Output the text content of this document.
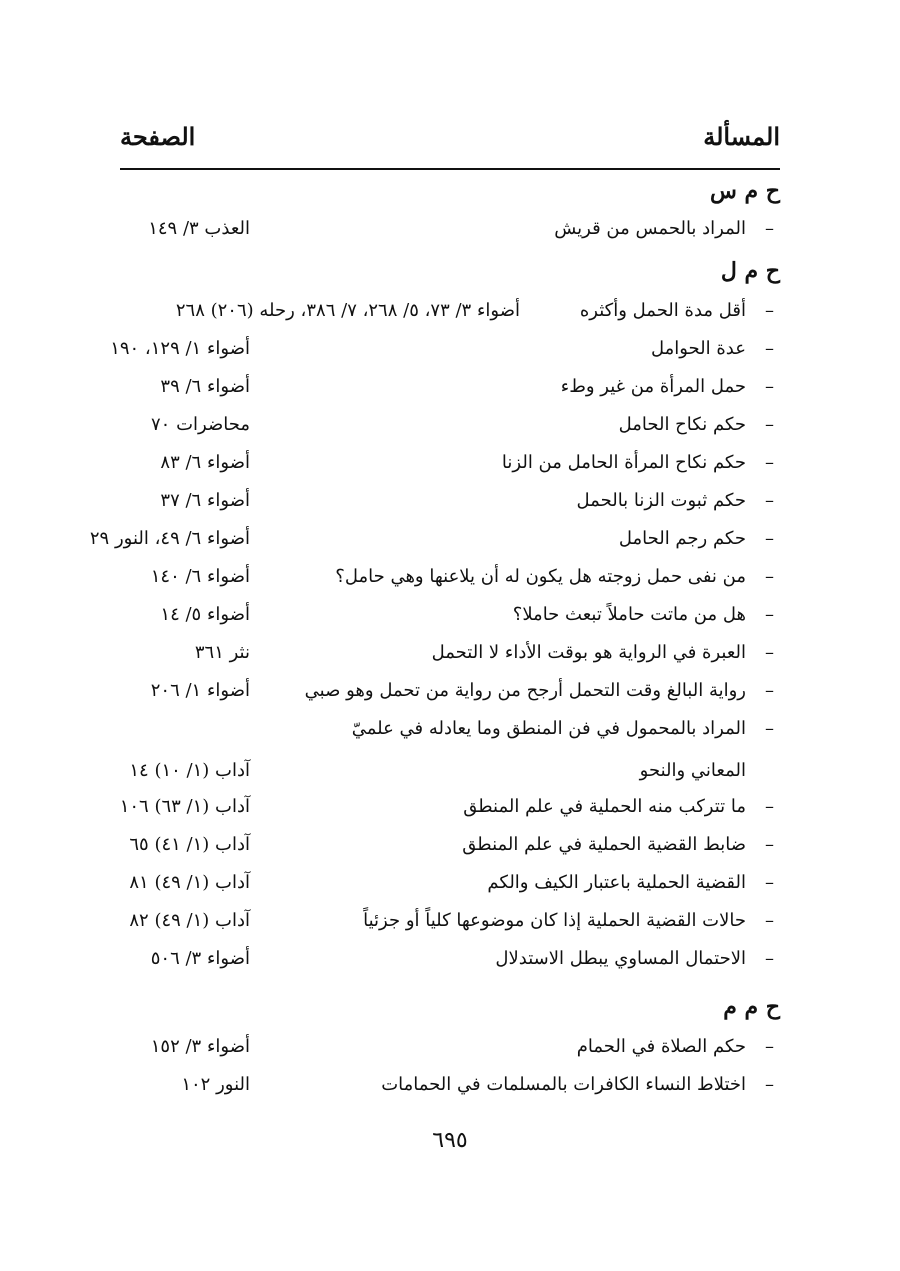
المسألة
الصفحة
ح م س
–
المراد بالحمس من قريش
العذب ٣/ ١٤٩
ح م ل
–
أقل مدة الحمل وأكثره
أضواء ٣/ ٧٣، ٥/ ٢٦٨، ٧/ ٣٨٦، رحله (٢٠٦) ٢٦٨
–
عدة الحوامل
أضواء ١/ ١٢٩، ١٩٠
–
حمل المرأة من غير وطء
أضواء ٦/ ٣٩
–
حكم نكاح الحامل
محاضرات ٧٠
–
حكم نكاح المرأة الحامل من الزنا
أضواء ٦/ ٨٣
–
حكم ثبوت الزنا بالحمل
أضواء ٦/ ٣٧
–
حكم رجم الحامل
أضواء ٦/ ٤٩، النور ٢٩
–
من نفى حمل زوجته هل يكون له أن يلاعنها وهي حامل؟
أضواء ٦/ ١٤٠
–
هل من ماتت حاملاً تبعث حاملا؟
أضواء ٥/ ١٤
–
العبرة في الرواية هو بوقت الأداء لا التحمل
نثر ٣٦١
–
رواية البالغ وقت التحمل أرجح من رواية من تحمل وهو صبي
أضواء ١/ ٢٠٦
–
المراد بالمحمول في فن المنطق وما يعادله في علميّ
المعاني والنحو
آداب (١/ ١٠) ١٤
–
ما تتركب منه الحملية في علم المنطق
آداب (١/ ٦٣) ١٠٦
–
ضابط القضية الحملية في علم المنطق
آداب (١/ ٤١) ٦٥
–
القضية الحملية باعتبار الكيف والكم
آداب (١/ ٤٩) ٨١
–
حالات القضية الحملية إذا كان موضوعها كلياً أو جزئياً
آداب (١/ ٤٩) ٨٢
–
الاحتمال المساوي يبطل الاستدلال
أضواء ٣/ ٥٠٦
ح م م
–
حكم الصلاة في الحمام
أضواء ٣/ ١٥٢
–
اختلاط النساء الكافرات بالمسلمات في الحمامات
النور ١٠٢
٦٩٥
